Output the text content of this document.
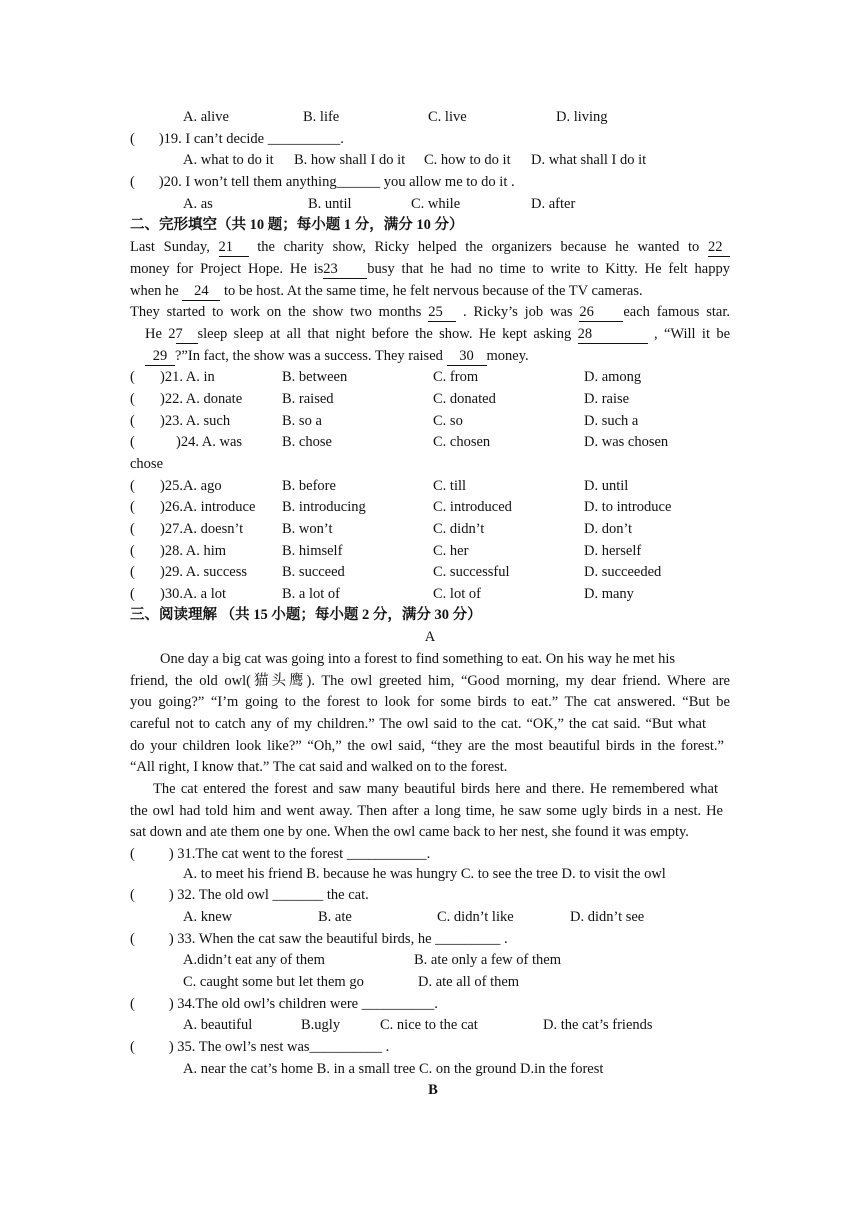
A. alive	B. life	C. live	D. living
( )19. I can’t decide __________.
A. what to do it B. how shall I do it C. how to do it D. what shall I do it
( )20. I won’t tell them anything______ you allow me to do it .
A. as	B. until	C. while	D. after
二、完形填空（共 10 题；每小题 1 分，满分 10 分）
Last Sunday, 21 the charity show, Ricky helped the organizers because he wanted to 22
money for Project Hope. He is23 busy that he had no time to write to Kitty. He felt happy
when he 24 to be host. At the same time, he felt nervous because of the TV cameras.
They started to work on the show two months 25 . Ricky’s job was 26 each famous star.
He 27 sleep sleep at all that night before the show. He kept asking 28	, “Will it be
29 ?”In fact, the show was a success. They raised 30 money.
( )21. A. in	B. between	C. from	D. among
( )22. A. donate	B. raised	C. donated	D. raise
( )23. A. such	B. so a	C. so	D. such a
(	)24. A. was	B. chose	C. chosen	D. was chosen
chose
( )25.A. ago	B. before	C. till	D. until
( )26.A. introduce B. introducing	C. introduced	D. to introduce
( )27.A. doesn’t	B. won’t	C. didn’t	D. don’t
( )28. A. him	B. himself	C. her	D. herself
( )29. A. success B. succeed	C. successful	D. succeeded
( )30.A. a lot	B. a lot of	C. lot of	D. many
三、阅读理解 （共 15 小题；每小题 2 分，满分 30 分）
A
One day a big cat was going into a forest to find something to eat. On his way he met his
friend, the old owl(猫头鹰). The owl greeted him, “Good morning, my dear friend. Where are
you going?” “I’m going to the forest to look for some birds to eat.” The cat answered. “But be
careful not to catch any of my children.” The owl said to the cat. “OK,” the cat said. “But what
do your children look like?” “Oh,” the owl said, “they are the most beautiful birds in the forest.”
“All right, I know that.” The cat said and walked on to the forest.
The cat entered the forest and saw many beautiful birds here and there. He remembered what
the owl had told him and went away. Then after a long time, he saw some ugly birds in a nest. He
sat down and ate them one by one. When the owl came back to her nest, she found it was empty.
( ) 31.The cat went to the forest ___________.
A. to meet his friend B. because he was hungry C. to see the tree D. to visit the owl
( ) 32. The old owl _______ the cat.
A. knew	B. ate	C. didn’t like	D. didn’t see
( ) 33. When the cat saw the beautiful birds, he _________ .
A.didn’t eat any of them	B. ate only a few of them
C. caught some but let them go	D. ate all of them
( ) 34.The old owl’s children were __________.
A. beautiful	B.ugly	C. nice to the cat	D. the cat’s friends
( ) 35. The owl’s nest was__________ .
A. near the cat’s home B. in a small tree C. on the ground D.in the forest
B
